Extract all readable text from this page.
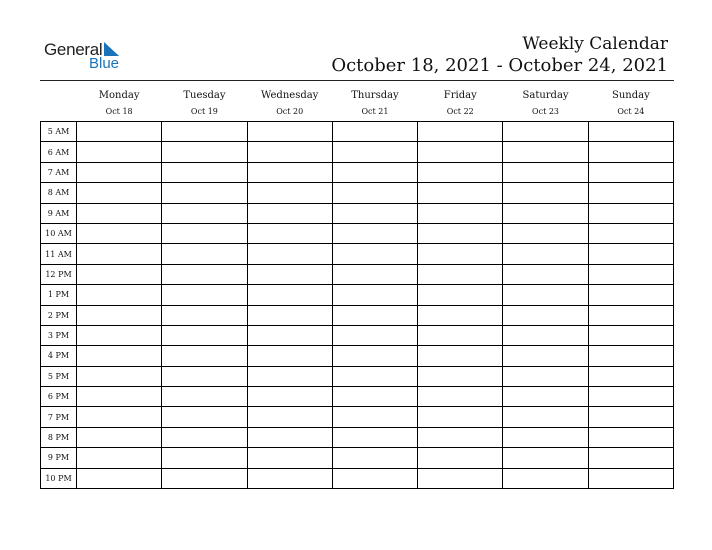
General
Blue
Weekly Calendar
October 18, 2021 - October 24, 2021
	Monday	Tuesday	Wednesday	Thursday	Friday	Saturday	Sunday
	Oct 18	Oct 19	Oct 20	Oct 21	Oct 22	Oct 23	Oct 24
5 AM							
6 AM							
7 AM							
8 AM							
9 AM							
10 AM							
11 AM							
12 PM							
1 PM							
2 PM							
3 PM							
4 PM							
5 PM							
6 PM							
7 PM							
8 PM							
9 PM							
10 PM							
